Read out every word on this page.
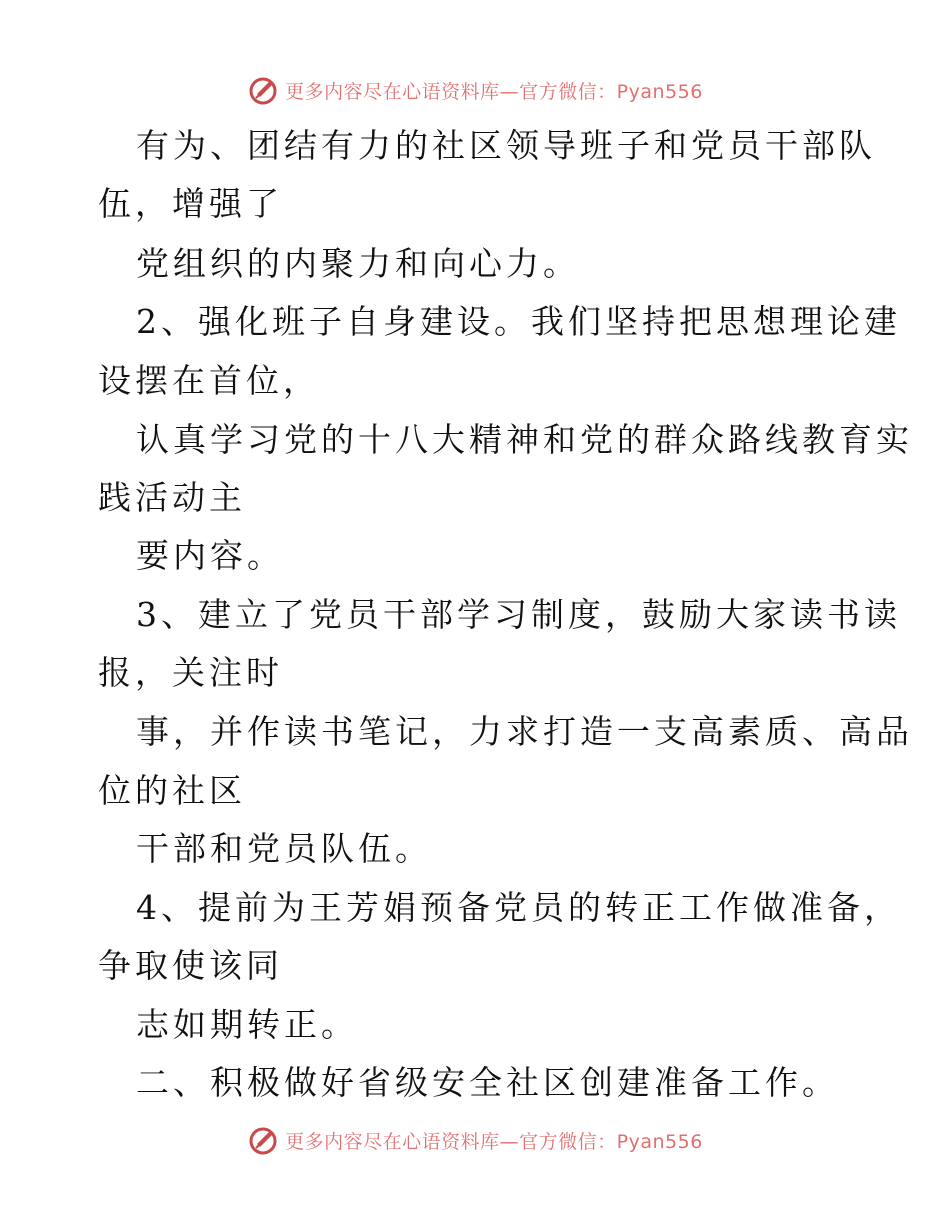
更多内容尽在心语资料库—官方微信：Pyan556
有为、团结有力的社区领导班子和党员干部队
伍，增强了
党组织的内聚力和向心力。
2、强化班子自身建设。我们坚持把思想理论建
设摆在首位，
认真学习党的十八大精神和党的群众路线教育实
践活动主
要内容。
3、建立了党员干部学习制度，鼓励大家读书读
报，关注时
事，并作读书笔记，力求打造一支高素质、高品
位的社区
干部和党员队伍。
4、提前为王芳娟预备党员的转正工作做准备，
争取使该同
志如期转正。
二、积极做好省级安全社区创建准备工作。
更多内容尽在心语资料库—官方微信：Pyan556
